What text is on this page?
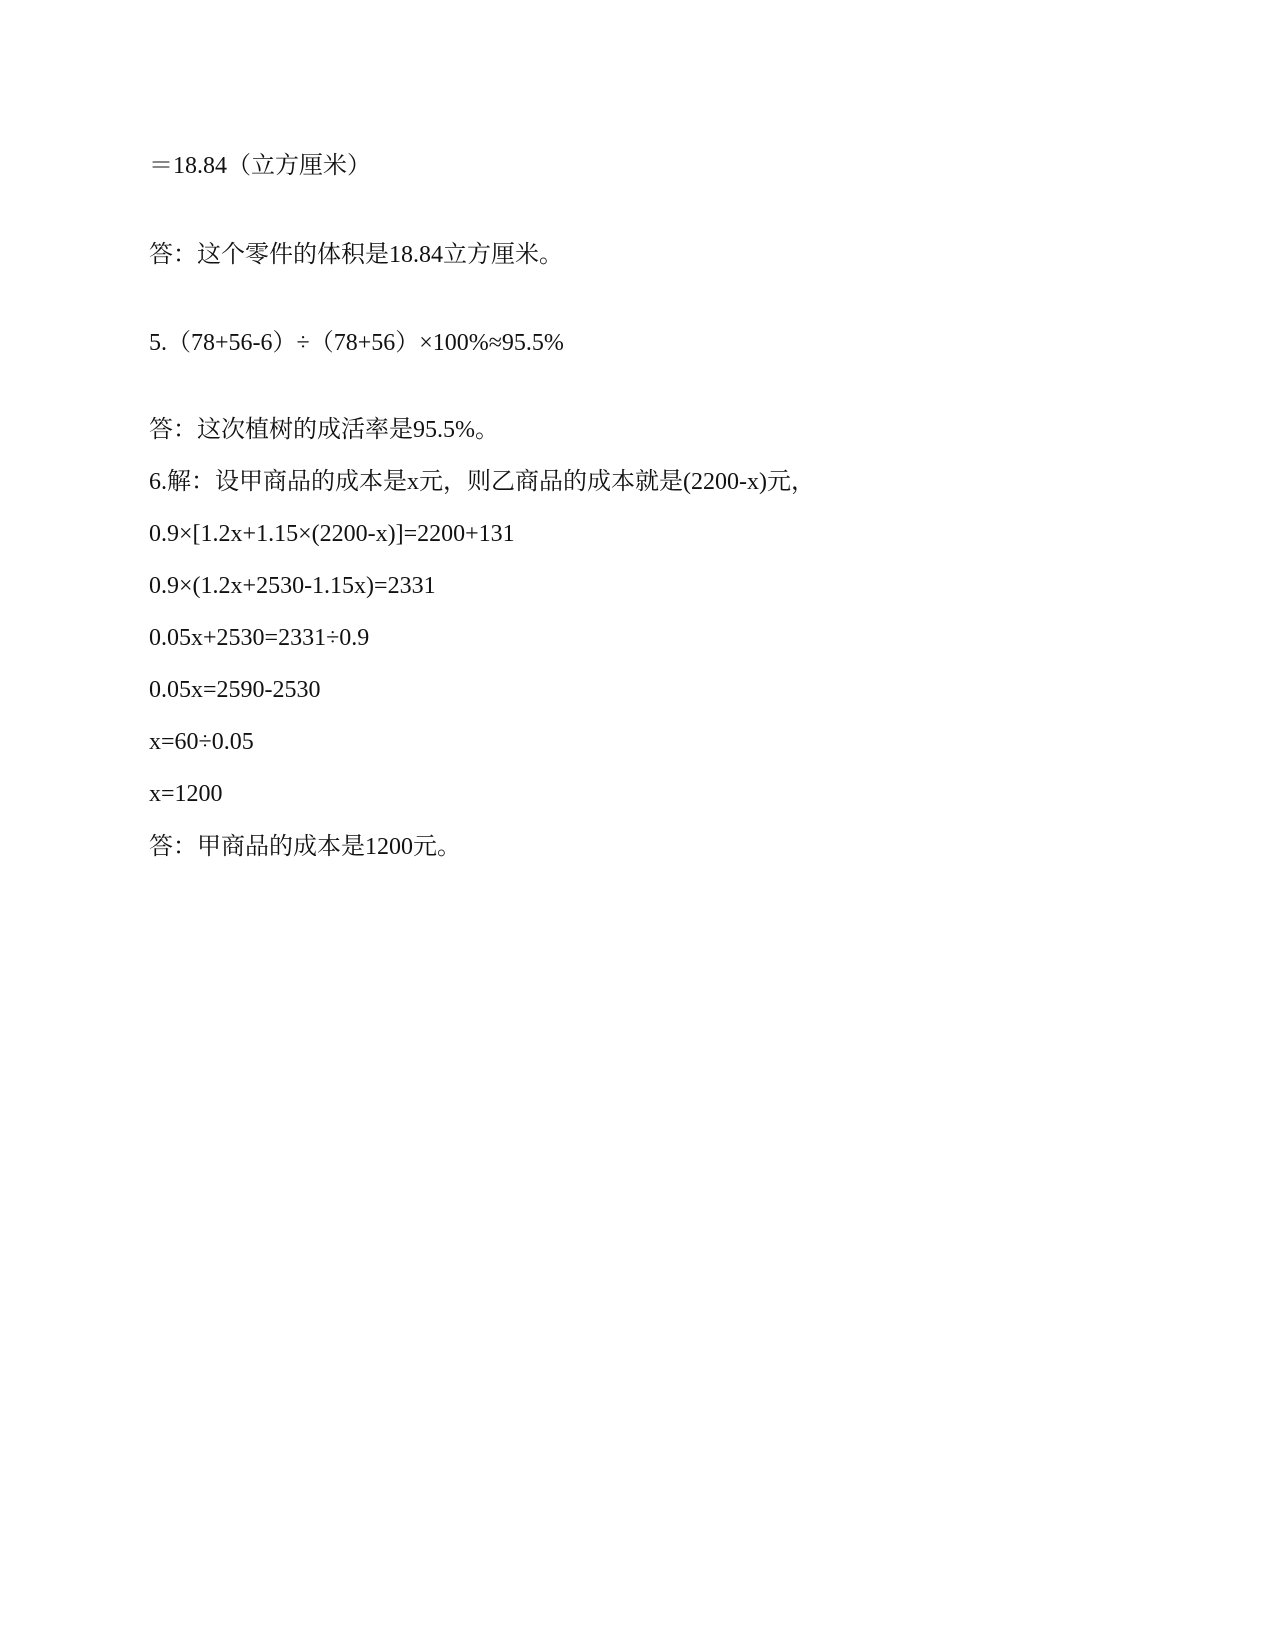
＝18.84（立方厘米）
答：这个零件的体积是18.84立方厘米。
5.（78+56-6）÷（78+56）×100%≈95.5%
答：这次植树的成活率是95.5%。
6.解：设甲商品的成本是x元，则乙商品的成本就是(2200-x)元，
0.9×[1.2x+1.15×(2200-x)]=2200+131
0.9×(1.2x+2530-1.15x)=2331
0.05x+2530=2331÷0.9
0.05x=2590-2530
x=60÷0.05
x=1200
答：甲商品的成本是1200元。
